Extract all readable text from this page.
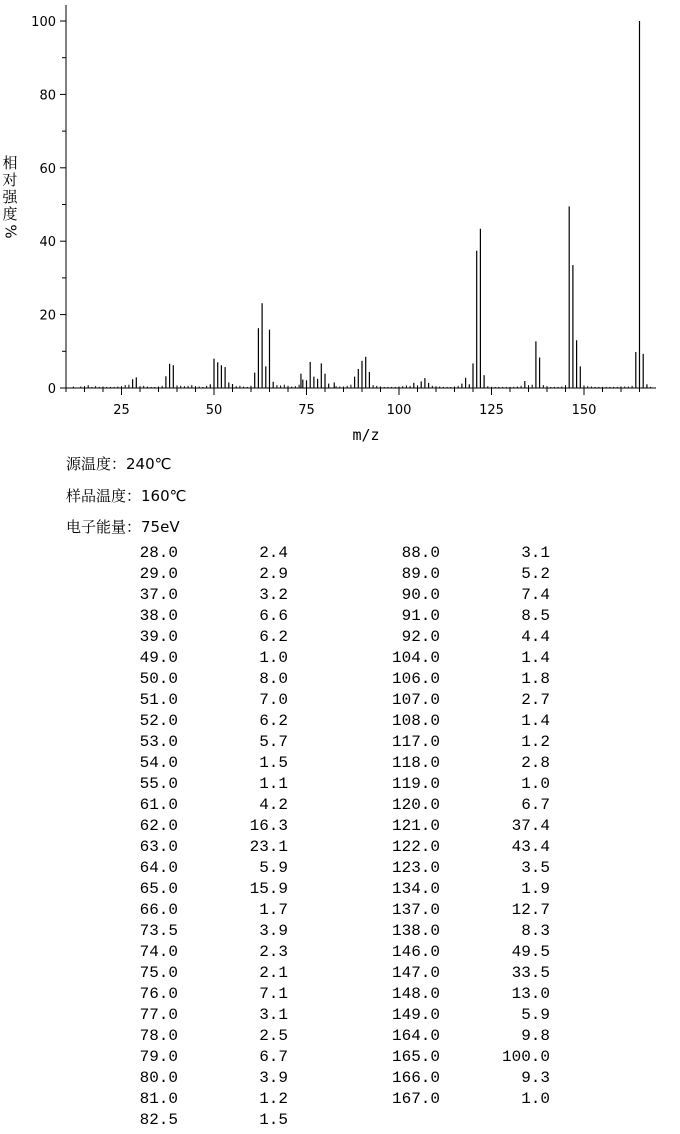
0
20
40
60
80
100
25	50	75	100	125	150
m/z
相对强度
%
源温度：240℃
样品温度：160℃
电子能量：75eV
28.0	2.4
29.0	2.9
37.0	3.2
38.0	6.6
39.0	6.2
49.0	1.0
50.0	8.0
51.0	7.0
52.0	6.2
53.0	5.7
54.0	1.5
55.0	1.1
61.0	4.2
62.0	16.3
63.0	23.1
64.0	5.9
65.0	15.9
66.0	1.7
73.5	3.9
74.0	2.3
75.0	2.1
76.0	7.1
77.0	3.1
78.0	2.5
79.0	6.7
80.0	3.9
81.0	1.2
82.5	1.5
88.0	3.1
89.0	5.2
90.0	7.4
91.0	8.5
92.0	4.4
104.0	1.4
106.0	1.8
107.0	2.7
108.0	1.4
117.0	1.2
118.0	2.8
119.0	1.0
120.0	6.7
121.0	37.4
122.0	43.4
123.0	3.5
134.0	1.9
137.0	12.7
138.0	8.3
146.0	49.5
147.0	33.5
148.0	13.0
149.0	5.9
164.0	9.8
165.0	100.0
166.0	9.3
167.0	1.0
